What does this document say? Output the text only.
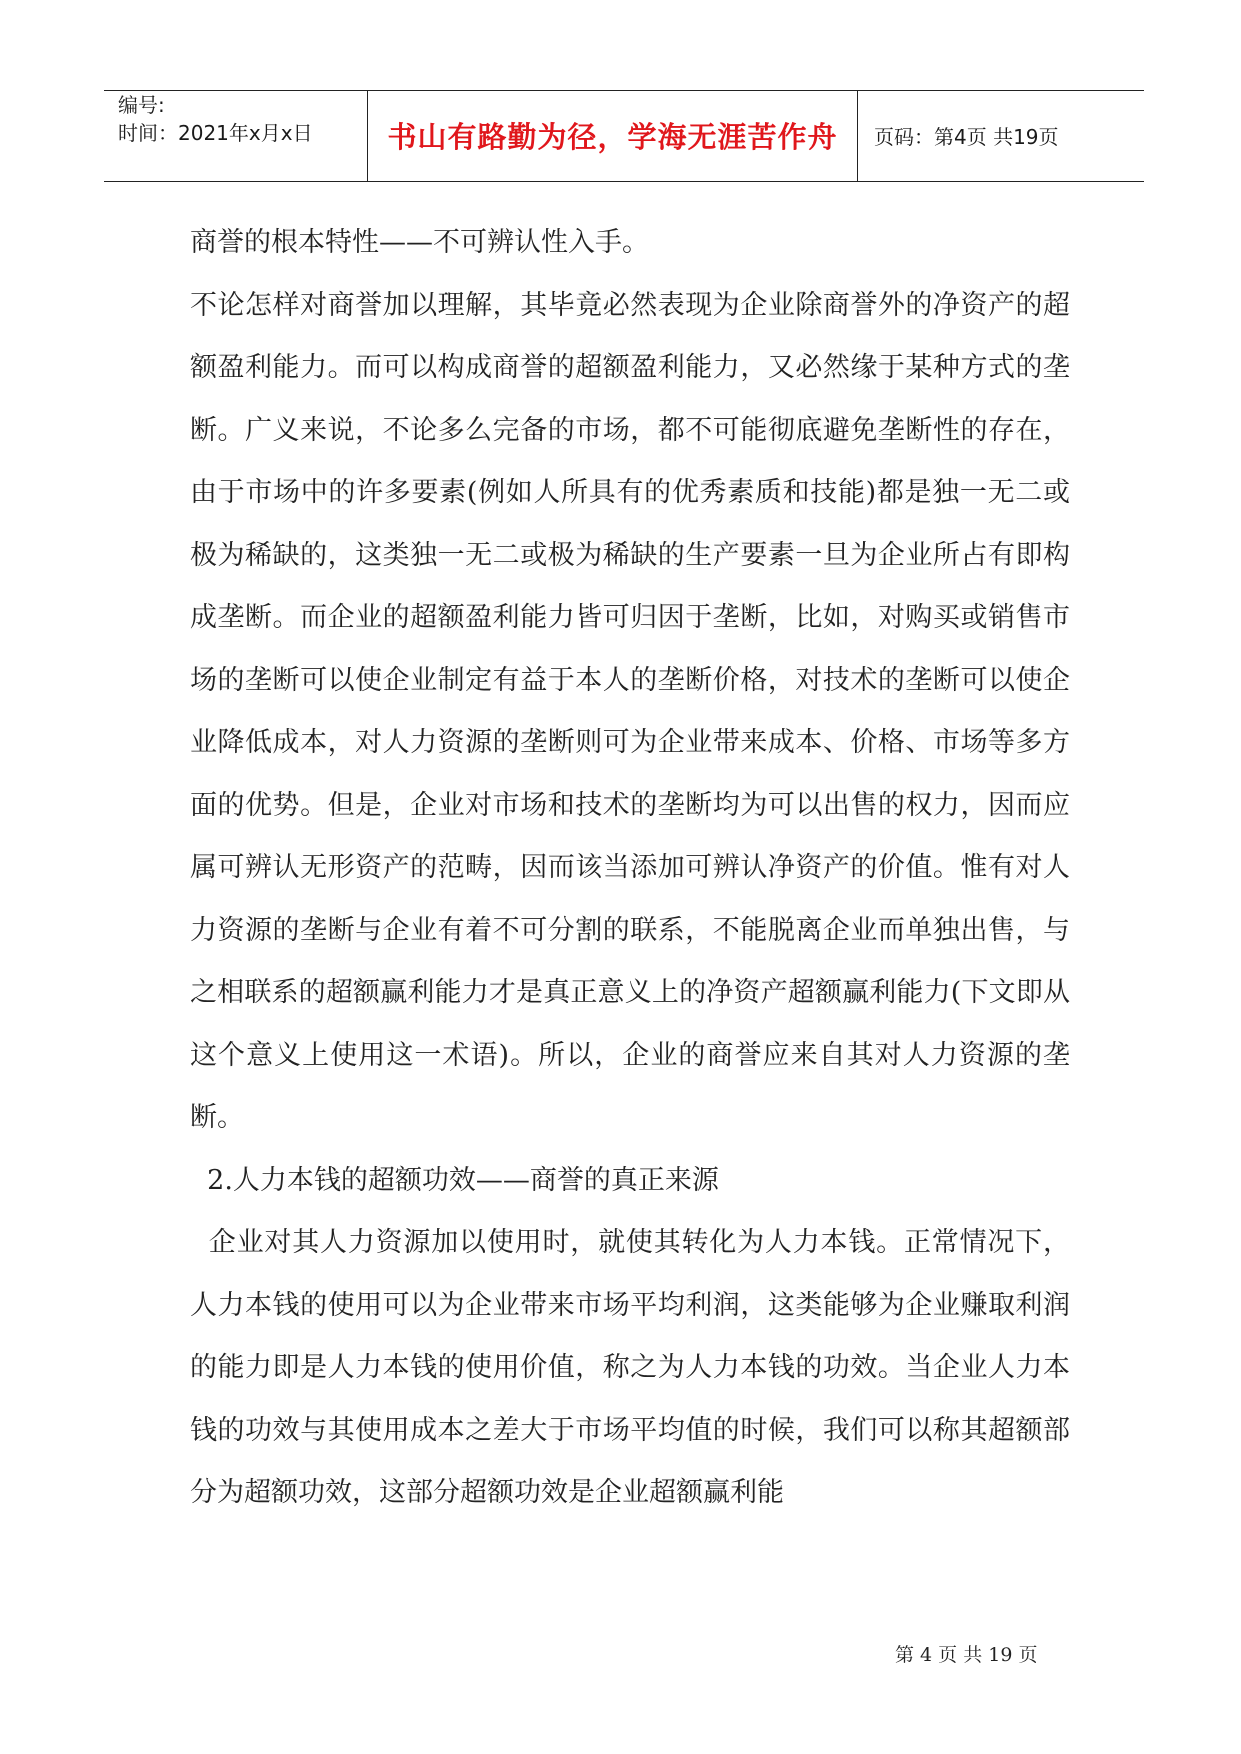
编号:
时间：2021年x月x日	书山有路勤为径，学海无涯苦作舟	页码：第4页 共19页

商誉的根本特性——不可辨认性入手。

不论怎样对商誉加以理解，其毕竟必然表现为企业除商誉外的净资产的超额盈利能力。而可以构成商誉的超额盈利能力，又必然缘于某种方式的垄断。广义来说，不论多么完备的市场，都不可能彻底避免垄断性的存在，由于市场中的许多要素(例如人所具有的优秀素质和技能)都是独一无二或极为稀缺的，这类独一无二或极为稀缺的生产要素一旦为企业所占有即构成垄断。而企业的超额盈利能力皆可归因于垄断，比如，对购买或销售市场的垄断可以使企业制定有益于本人的垄断价格，对技术的垄断可以使企业降低成本，对人力资源的垄断则可为企业带来成本、价格、市场等多方面的优势。但是，企业对市场和技术的垄断均为可以出售的权力，因而应属可辨认无形资产的范畴，因而该当添加可辨认净资产的价值。惟有对人力资源的垄断与企业有着不可分割的联系，不能脱离企业而单独出售，与之相联系的超额赢利能力才是真正意义上的净资产超额赢利能力(下文即从这个意义上使用这一术语)。所以，企业的商誉应来自其对人力资源的垄断。

2.人力本钱的超额功效——商誉的真正来源

企业对其人力资源加以使用时，就使其转化为人力本钱。正常情况下，人力本钱的使用可以为企业带来市场平均利润，这类能够为企业赚取利润的能力即是人力本钱的使用价值，称之为人力本钱的功效。当企业人力本钱的功效与其使用成本之差大于市场平均值的时候，我们可以称其超额部分为超额功效，这部分超额功效是企业超额赢利能

第 4 页 共 19 页
